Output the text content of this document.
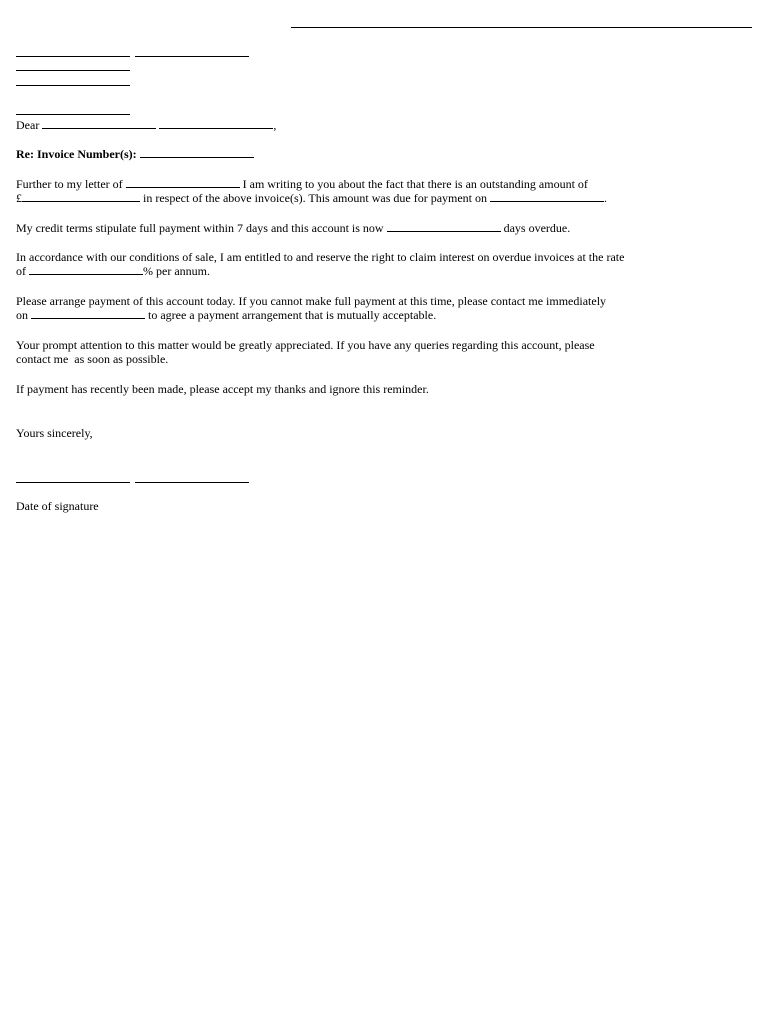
Dear	,
Re: Invoice Number(s):
Further to my letter of	I am writing to you about the fact that there is an outstanding amount of
£	in respect of the above invoice(s). This amount was due for payment on	.
My credit terms stipulate full payment within 7 days and this account is now	days overdue.
In accordance with our conditions of sale, I am entitled to and reserve the right to claim interest on overdue invoices at the rate
of	% per annum.
Please arrange payment of this account today. If you cannot make full payment at this time, please contact me immediately
on	to agree a payment arrangement that is mutually acceptable.
Your prompt attention to this matter would be greatly appreciated. If you have any queries regarding this account, please
contact me  as soon as possible.
If payment has recently been made, please accept my thanks and ignore this reminder.
Yours sincerely,
Date of signature
